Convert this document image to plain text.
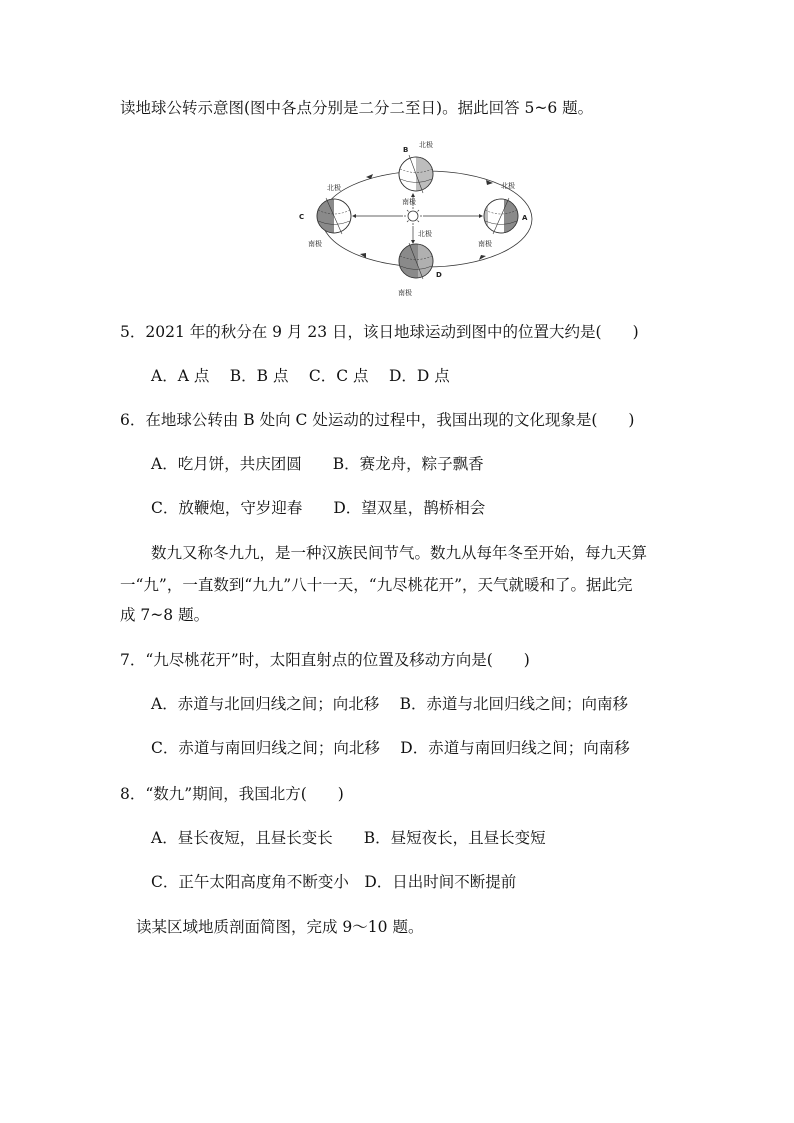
读地球公转示意图(图中各点分别是二分二至日)。据此回答 5~6 题。
B
北极
南极
C
北极
南极
A
北极
南极
D
北极
南极
5．2021 年的秋分在 9 月 23 日，该日地球运动到图中的位置大约是(　　)
A．A 点　 B．B 点　 C．C 点　 D．D 点
6．在地球公转由 B 处向 C 处运动的过程中，我国出现的文化现象是(　　)
A．吃月饼，共庆团圆　　B．赛龙舟，粽子飘香
C．放鞭炮，守岁迎春　　D．望双星，鹊桥相会
数九又称冬九九，是一种汉族民间节气。数九从每年冬至开始，每九天算
一“九”，一直数到“九九”八十一天，“九尽桃花开”，天气就暖和了。据此完
成 7~8 题。
7．“九尽桃花开”时，太阳直射点的位置及移动方向是(　　)
A．赤道与北回归线之间；向北移　 B．赤道与北回归线之间；向南移
C．赤道与南回归线之间；向北移　 D．赤道与南回归线之间；向南移
8．“数九”期间，我国北方(　　)
A．昼长夜短，且昼长变长　　B．昼短夜长，且昼长变短
C．正午太阳高度角不断变小　D．日出时间不断提前
读某区域地质剖面简图，完成 9～10 题。
